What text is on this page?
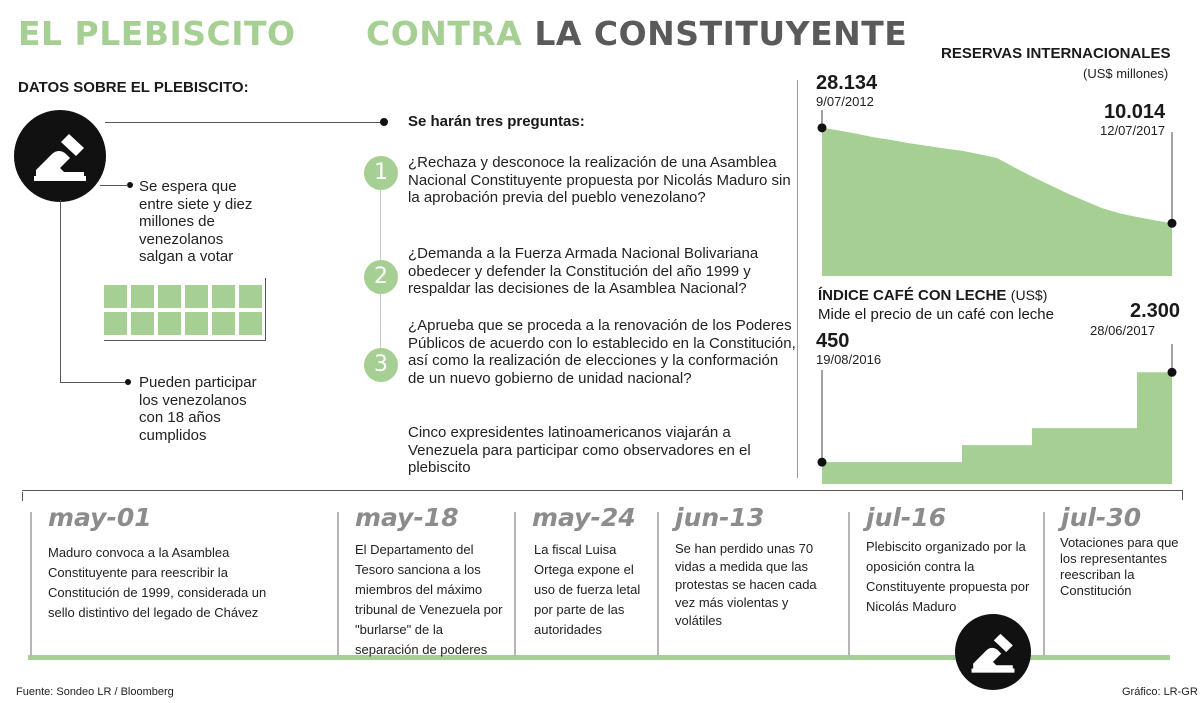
EL PLEBISCITO CONTRA LA CONSTITUYENTE
DATOS SOBRE EL PLEBISCITO:
Se espera que entre siete y diez millones de venezolanos salgan a votar
Pueden participar los venezolanos con 18 años cumplidos
Se harán tres preguntas:
1	¿Rechaza y desconoce la realización de una Asamblea Nacional Constituyente propuesta por Nicolás Maduro sin la aprobación previa del pueblo venezolano?
2
¿Demanda a la Fuerza Armada Nacional Bolivariana obedecer y defender la Constitución del año 1999 y respaldar las decisiones de la Asamblea Nacional?
3
¿Aprueba que se proceda a la renovación de los Poderes Públicos de acuerdo con lo establecido en la Constitución, así como la realización de elecciones y la conformación de un nuevo gobierno de unidad nacional?
Cinco expresidentes latinoamericanos viajarán a Venezuela para participar como observadores en el plebiscito
RESERVAS INTERNACIONALES
(US$ millones)
28.134
9/07/2012	10.014
12/07/2017
ÍNDICE CAFÉ CON LECHE (US$)
Mide el precio de un café con leche	2.300
28/06/2017
450
19/08/2016
may-01
Maduro convoca a la Asamblea Constituyente para reescribir la Constitución de 1999, considerada un sello distintivo del legado de Chávez
may-18
El Departamento del Tesoro sanciona a los miembros del máximo tribunal de Venezuela por "burlarse" de la separación de poderes
may-24
La fiscal Luisa Ortega expone el uso de fuerza letal por parte de las autoridades
jun-13
Se han perdido unas 70 vidas a medida que las protestas se hacen cada vez más violentas y volátiles
jul-16
Plebiscito organizado por la oposición contra la Constituyente propuesta por Nicolás Maduro
jul-30
Votaciones para que los representantes reescriban la Constitución
Fuente: Sondeo LR / Bloomberg	Gráfico: LR-GR
